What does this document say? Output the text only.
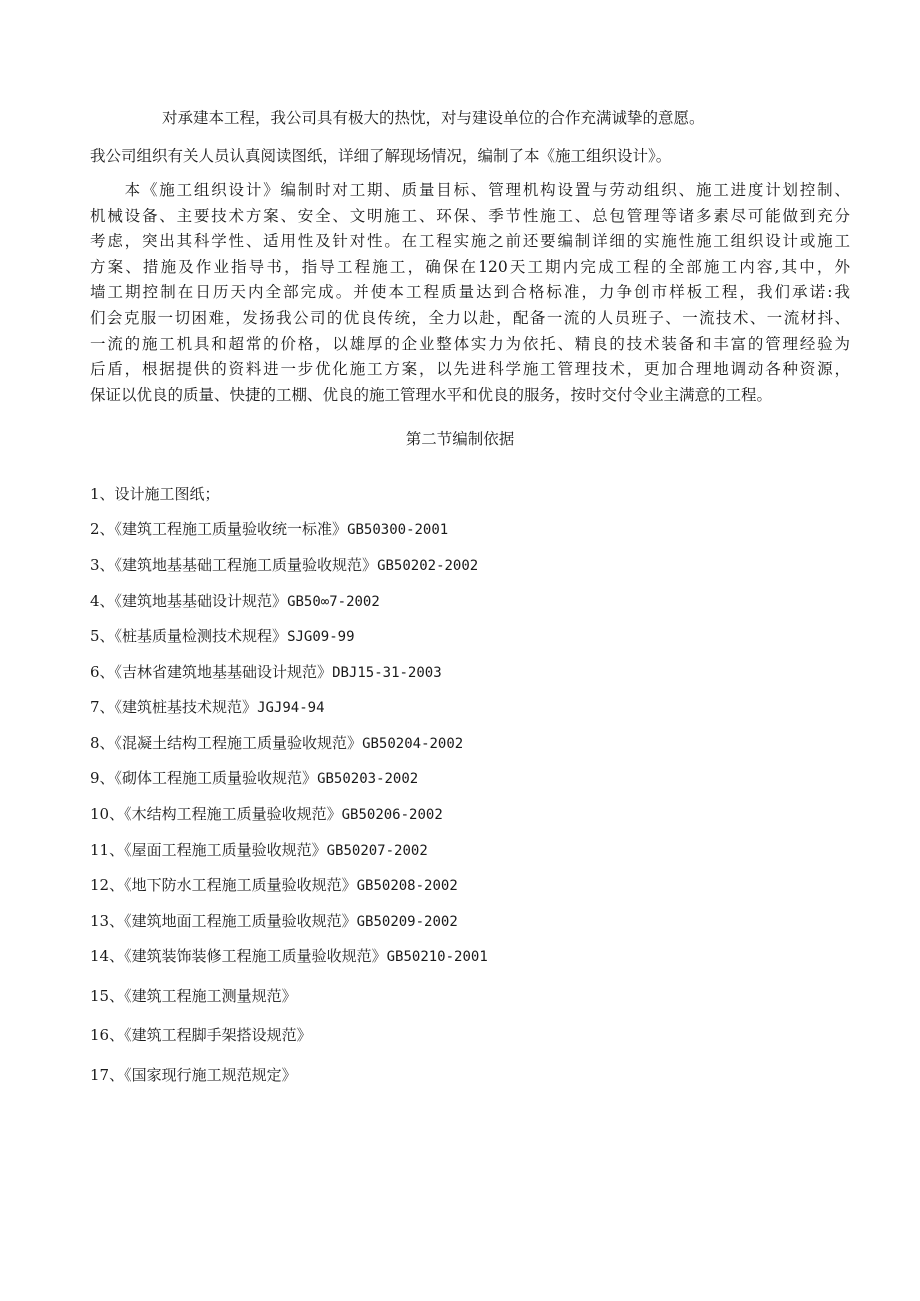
对承建本工程，我公司具有极大的热忱，对与建设单位的合作充满诚挚的意愿。

我公司组织有关人员认真阅读图纸，详细了解现场情况，编制了本《施工组织设计》。

　　本《施工组织设计》编制时对工期、质量目标、管理机构设置与劳动组织、施工进度计划控制、
机械设备、主要技术方案、安全、文明施工、环保、季节性施工、总包管理等诸多素尽可能做到充分
考虑，突出其科学性、适用性及针对性。在工程实施之前还要编制详细的实施性施工组织设计或施工
方案、措施及作业指导书，指导工程施工，确保在120天工期内完成工程的全部施工内容,其中，外
墙工期控制在日历天内全部完成。并使本工程质量达到合格标准，力争创市样板工程，我们承诺:我
们会克服一切困难，发扬我公司的优良传统，全力以赴，配备一流的人员班子、一流技术、一流材抖、
一流的施工机具和超常的价格，以雄厚的企业整体实力为依托、精良的技术装备和丰富的管理经验为
后盾，根据提供的资料进一步优化施工方案，以先进科学施工管理技术，更加合理地调动各种资源，
保证以优良的质量、快捷的工棚、优良的施工管理水平和优良的服务，按时交付令业主满意的工程。
第二节编制依据
1、设计施工图纸；
2、《建筑工程施工质量验收统一标准》GB50300-2001
3、《建筑地基基础工程施工质量验收规范》GB50202-2002
4、《建筑地基基础设计规范》GB50∞7-2002
5、《桩基质量检测技术规程》SJG09-99
6、《吉林省建筑地基基础设计规范》DBJ15-31-2003
7、《建筑桩基技术规范》JGJ94-94
8、《混凝土结构工程施工质量验收规范》GB50204-2002
9、《砌体工程施工质量验收规范》GB50203-2002
10、《木结构工程施工质量验收规范》GB50206-2002
11、《屋面工程施工质量验收规范》GB50207-2002
12、《地下防水工程施工质量验收规范》GB50208-2002
13、《建筑地面工程施工质量验收规范》GB50209-2002
14、《建筑装饰装修工程施工质量验收规范》GB50210-2001
15、《建筑工程施工测量规范》
16、《建筑工程脚手架搭设规范》
17、《国家现行施工规范规定》
